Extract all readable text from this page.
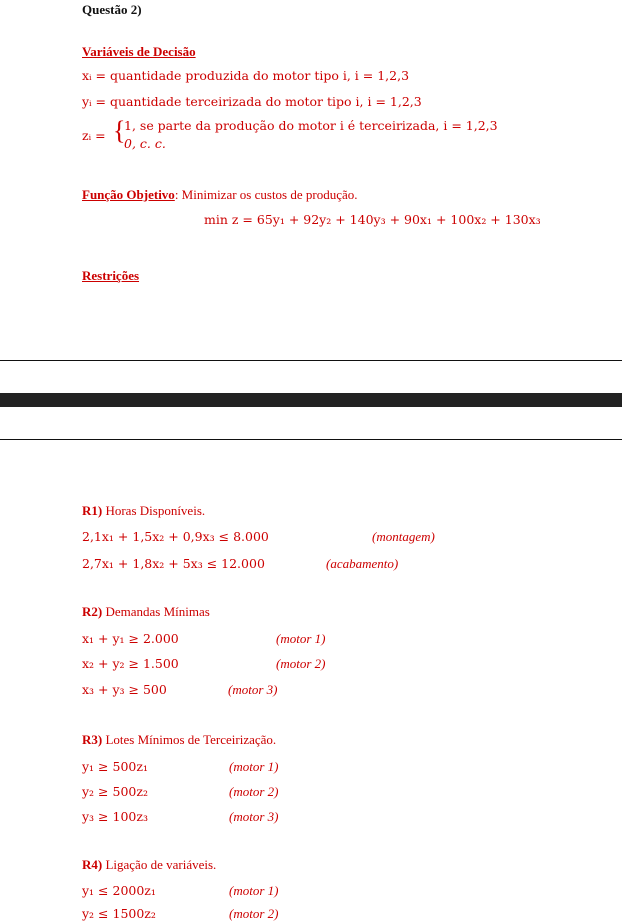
Questão 2)
Variáveis de Decisão
xᵢ = quantidade produzida do motor tipo i, i = 1,2,3
yᵢ = quantidade terceirizada do motor tipo i, i = 1,2,3
zᵢ = {
1, se parte da produção do motor i é terceirizada, i = 1,2,3
0, c. c.
Função Objetivo: Minimizar os custos de produção.
min z = 65y₁ + 92y₂ + 140y₃ + 90x₁ + 100x₂ + 130x₃
Restrições
R1) Horas Disponíveis.
2,1x₁ + 1,5x₂ + 0,9x₃ ≤ 8.000	(montagem)
2,7x₁ + 1,8x₂ + 5x₃ ≤ 12.000	(acabamento)
R2) Demandas Mínimas
x₁ + y₁ ≥ 2.000	(motor 1)
x₂ + y₂ ≥ 1.500	(motor 2)
x₃ + y₃ ≥ 500	(motor 3)
R3) Lotes Mínimos de Terceirização.
y₁ ≥ 500z₁	(motor 1)
y₂ ≥ 500z₂	(motor 2)
y₃ ≥ 100z₃	(motor 3)
R4) Ligação de variáveis.
y₁ ≤ 2000z₁	(motor 1)
y₂ ≤ 1500z₂	(motor 2)
